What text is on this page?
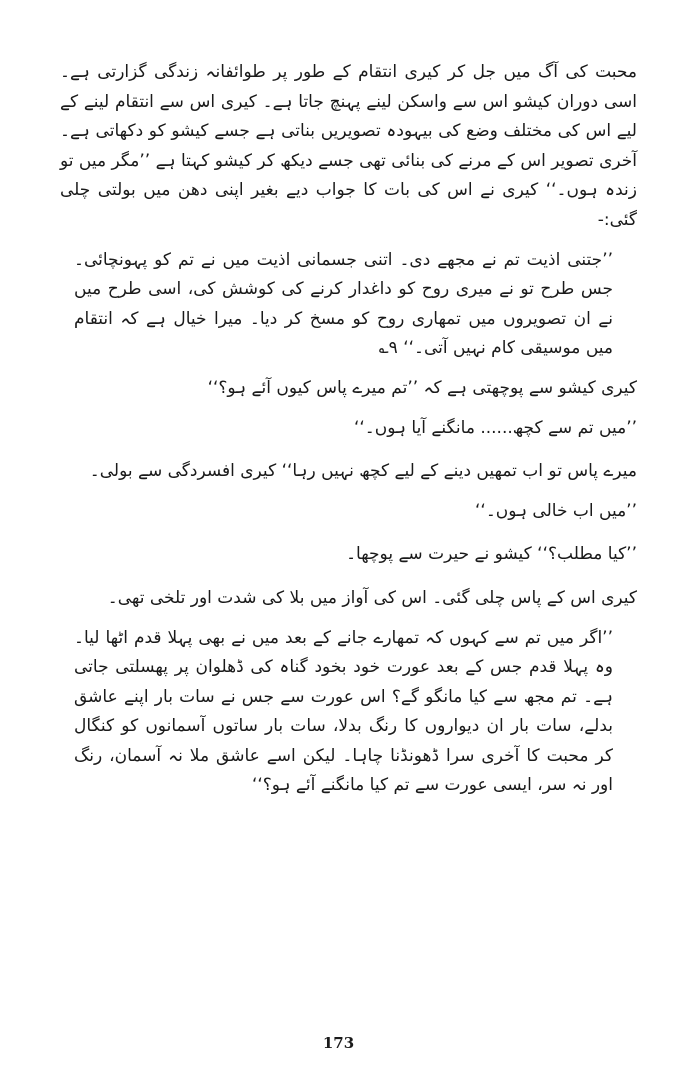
محبت کی آگ میں جل کر کیری انتقام کے طور پر طوائفانہ زندگی گزارتی ہے۔ اسی دوران کیشو اس سے واسکن لینے پہنچ جاتا ہے۔ کیری اس سے انتقام لینے کے لیے اس کی مختلف وضع کی بیہودہ تصویریں بناتی ہے جسے کیشو کو دکھاتی ہے۔ آخری تصویر اس کے مرنے کی بنائی تھی جسے دیکھ کر کیشو کہتا ہے ’’مگر میں تو زندہ ہوں۔‘‘ کیری نے اس کی بات کا جواب دیے بغیر اپنی دھن میں بولتی چلی گئی:-

’’جتنی اذیت تم نے مجھے دی۔ اتنی جسمانی اذیت میں نے تم کو پہونچائی۔ جس طرح تو نے میری روح کو داغدار کرنے کی کوشش کی، اسی طرح میں نے ان تصویروں میں تمھاری روح کو مسخ کر دیا۔ میرا خیال ہے کہ انتقام میں موسیقی کام نہیں آتی۔‘‘ ۹؎

کیری کیشو سے پوچھتی ہے کہ ’’تم میرے پاس کیوں آئے ہو؟‘‘

’’میں تم سے کچھ...... مانگنے آیا ہوں۔‘‘

میرے پاس تو اب تمھیں دینے کے لیے کچھ نہیں رہا‘‘ کیری افسردگی سے بولی۔

’’میں اب خالی ہوں۔‘‘

’’کیا مطلب؟‘‘ کیشو نے حیرت سے پوچھا۔

کیری اس کے پاس چلی گئی۔ اس کی آواز میں بلا کی شدت اور تلخی تھی۔

’’اگر میں تم سے کہوں کہ تمھارے جانے کے بعد میں نے بھی پہلا قدم اٹھا لیا۔ وہ پہلا قدم جس کے بعد عورت خود بخود گناہ کی ڈھلوان پر پھسلتی جاتی ہے۔ تم مجھ سے کیا مانگو گے؟ اس عورت سے جس نے سات بار اپنے عاشق بدلے، سات بار ان دیواروں کا رنگ بدلا، سات بار ساتوں آسمانوں کو کنگال کر محبت کا آخری سرا ڈھونڈنا چاہا۔ لیکن اسے عاشق ملا نہ آسمان، رنگ اور نہ سر، ایسی عورت سے تم کیا مانگنے آئے ہو؟‘‘

173
